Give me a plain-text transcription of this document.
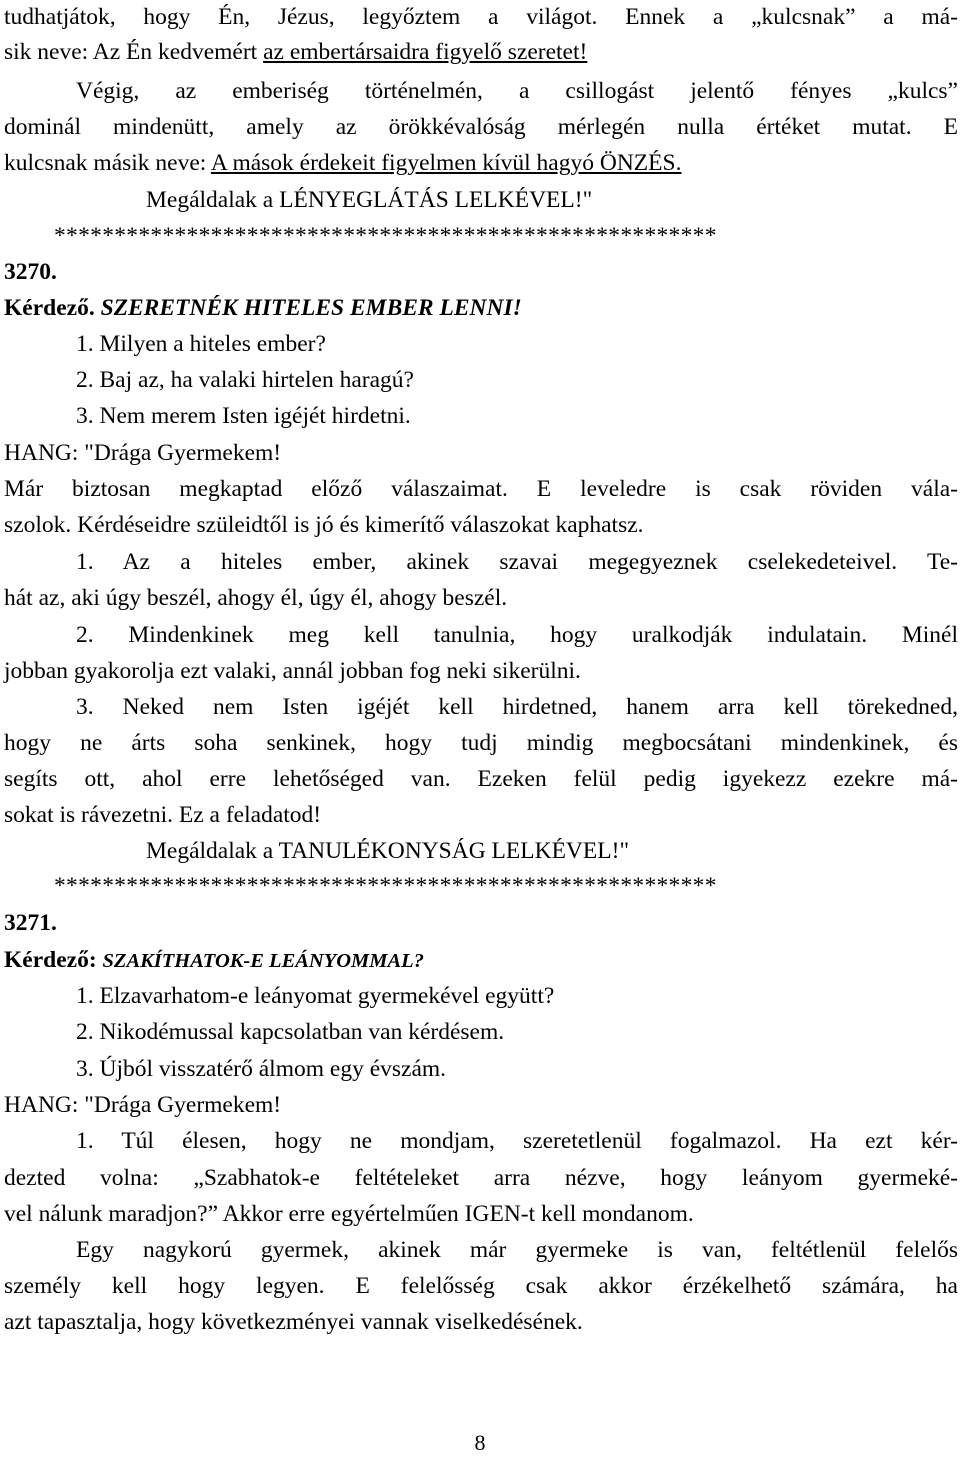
tudhatjátok, hogy Én, Jézus, legyőztem a világot. Ennek a „kulcsnak” a má-
sik neve: Az Én kedvemért az embertársaidra figyelő szeretet!
Végig, az emberiség történelmén, a csillogást jelentő fényes „kulcs”
dominál mindenütt, amely az örökkévalóság mérlegén nulla értéket mutat. E
kulcsnak másik neve: A mások érdekeit figyelmen kívül hagyó ÖNZÉS.
Megáldalak a LÉNYEGLÁTÁS LELKÉVEL!"
*******************************************************
3270.
Kérdező. SZERETNÉK HITELES EMBER LENNI!
1. Milyen a hiteles ember?
2. Baj az, ha valaki hirtelen haragú?
3. Nem merem Isten igéjét hirdetni.
HANG: "Drága Gyermekem!
Már biztosan megkaptad előző válaszaimat. E leveledre is csak röviden vála-
szolok. Kérdéseidre szüleidtől is jó és kimerítő válaszokat kaphatsz.
1. Az a hiteles ember, akinek szavai megegyeznek cselekedeteivel. Te-
hát az, aki úgy beszél, ahogy él, úgy él, ahogy beszél.
2. Mindenkinek meg kell tanulnia, hogy uralkodják indulatain. Minél
jobban gyakorolja ezt valaki, annál jobban fog neki sikerülni.
3. Neked nem Isten igéjét kell hirdetned, hanem arra kell törekedned,
hogy ne árts soha senkinek, hogy tudj mindig megbocsátani mindenkinek, és
segíts ott, ahol erre lehetőséged van. Ezeken felül pedig igyekezz ezekre má-
sokat is rávezetni. Ez a feladatod!
Megáldalak a TANULÉKONYSÁG LELKÉVEL!"
*******************************************************
3271.
Kérdező: SZAKÍTHATOK-E LEÁNYOMMAL?
1. Elzavarhatom-e leányomat gyermekével együtt?
2. Nikodémussal kapcsolatban van kérdésem.
3. Újból visszatérő álmom egy évszám.
HANG: "Drága Gyermekem!
1. Túl élesen, hogy ne mondjam, szeretetlenül fogalmazol. Ha ezt kér-
dezted volna: „Szabhatok-e feltételeket arra nézve, hogy leányom gyermeké-
vel nálunk maradjon?” Akkor erre egyértelműen IGEN-t kell mondanom.
Egy nagykorú gyermek, akinek már gyermeke is van, feltétlenül felelős
személy kell hogy legyen. E felelősség csak akkor érzékelhető számára, ha
azt tapasztalja, hogy következményei vannak viselkedésének.
8
